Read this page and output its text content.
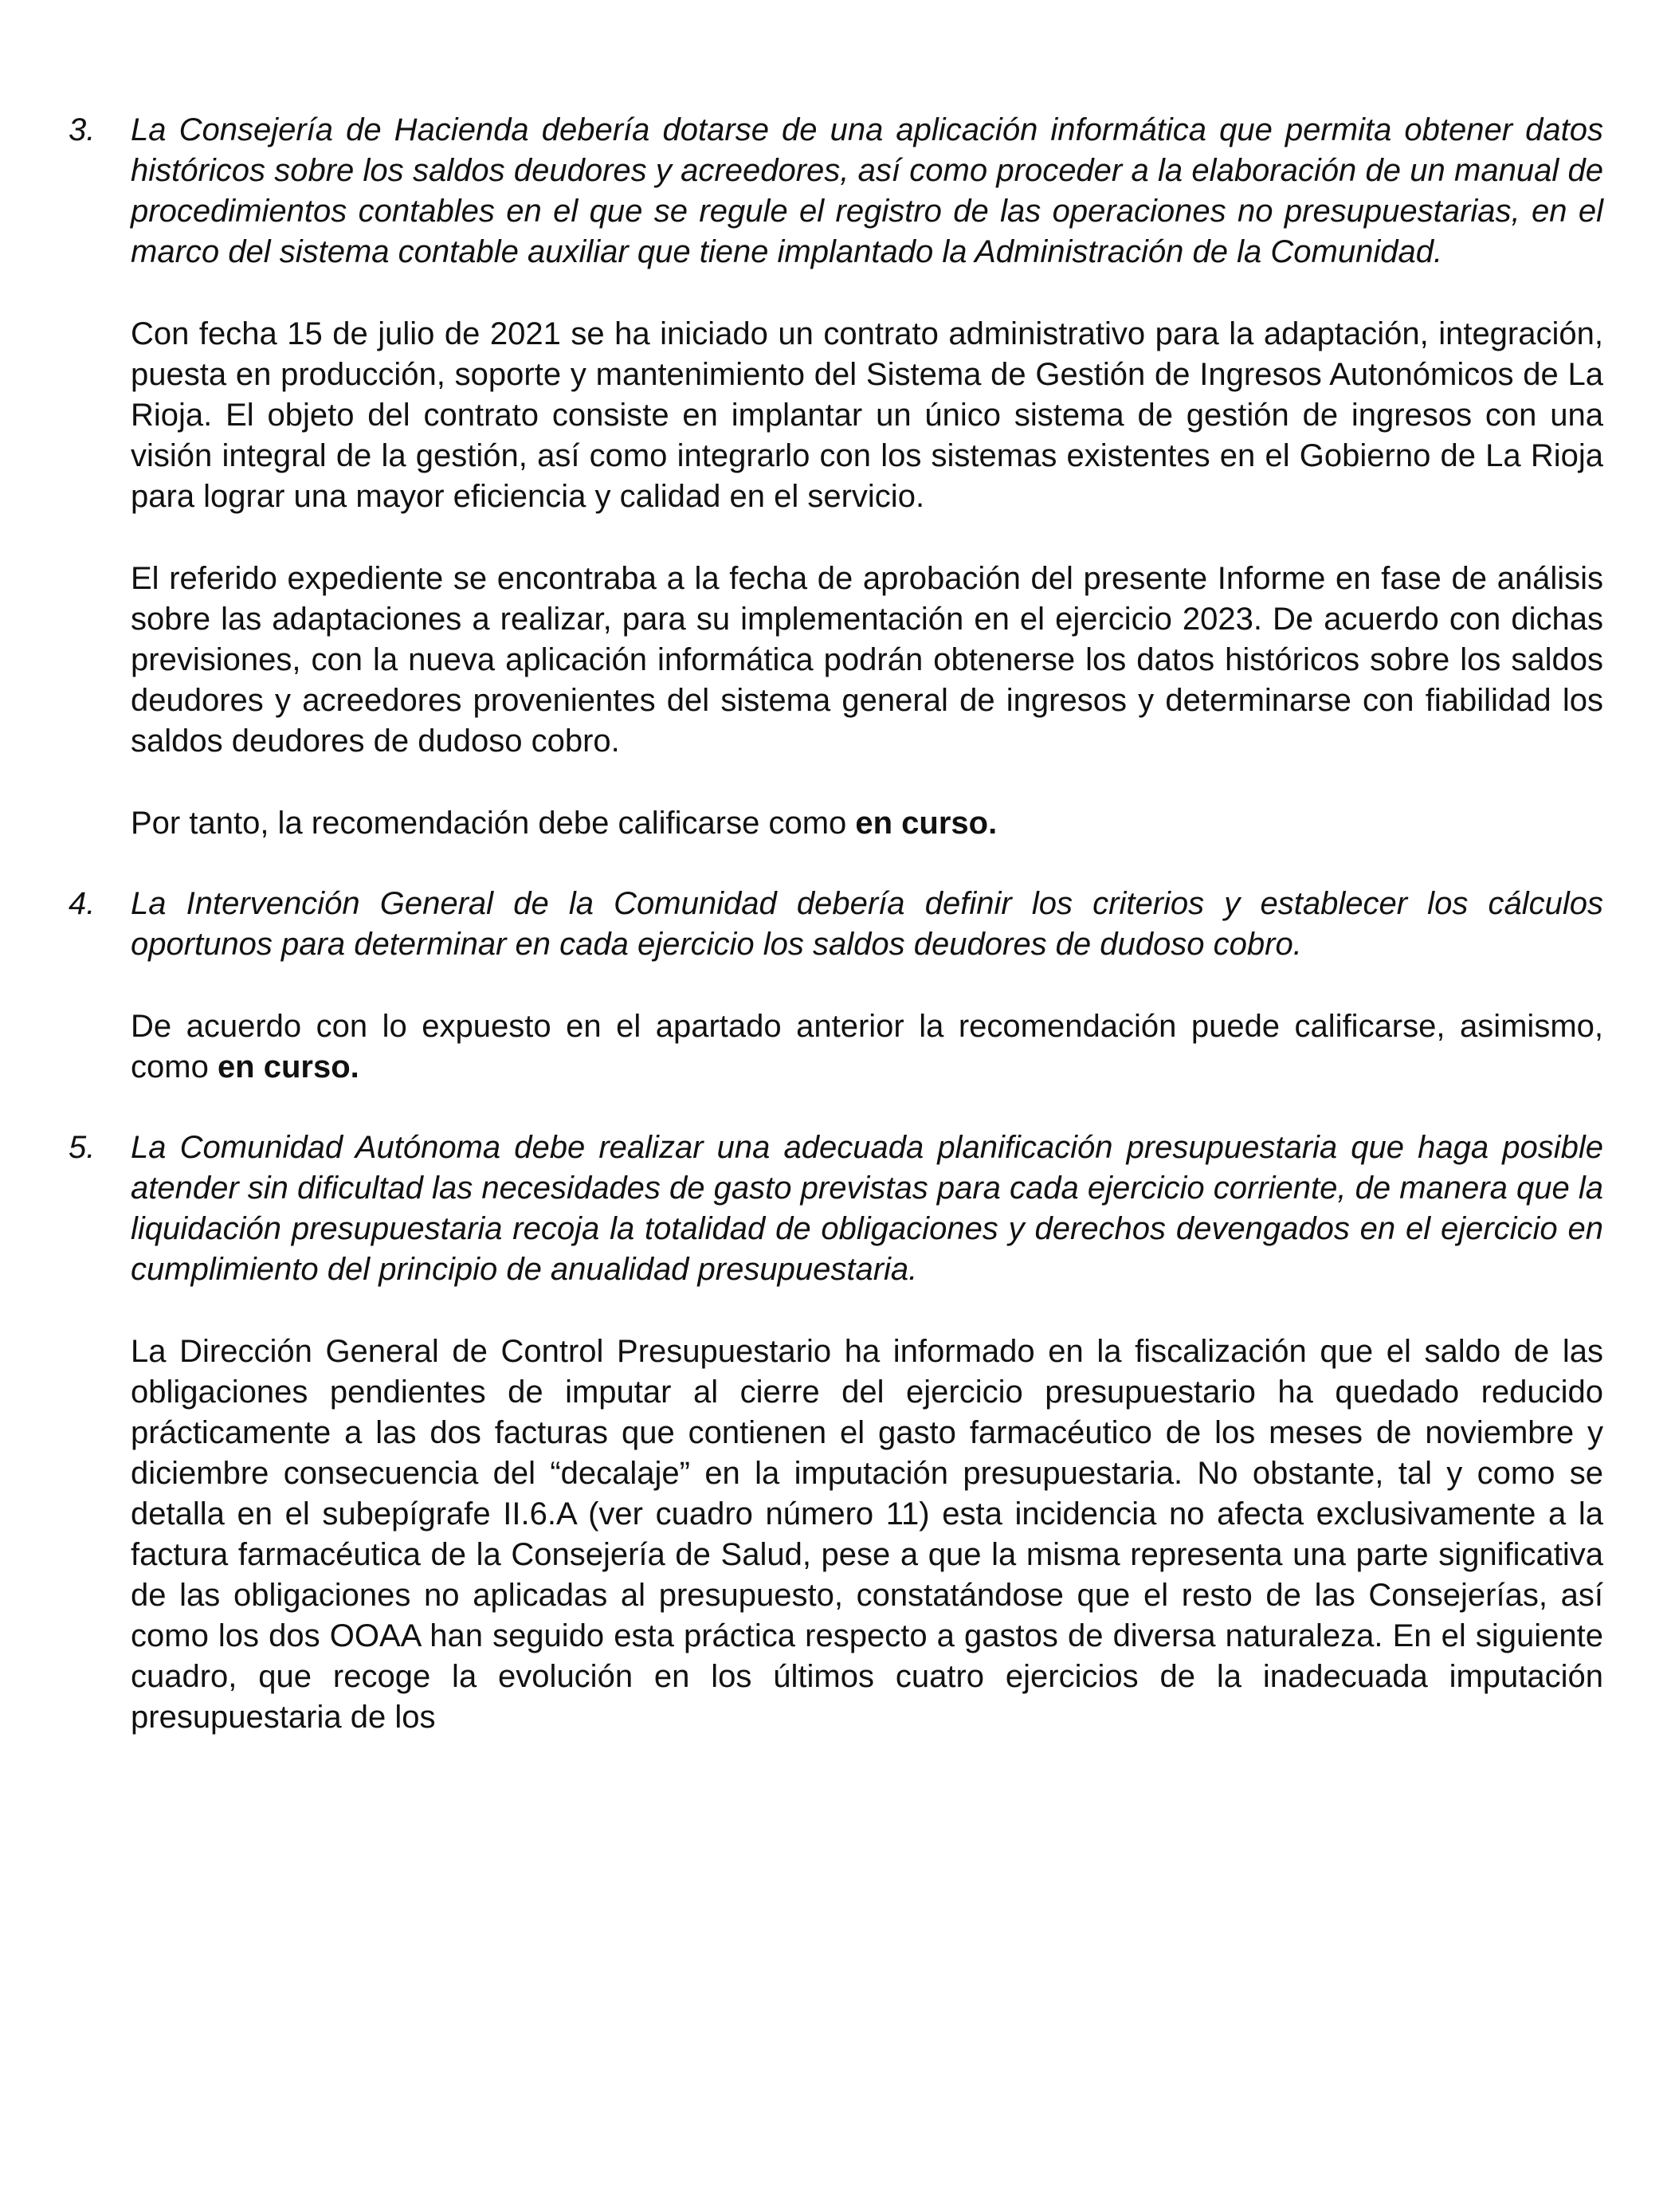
3. La Consejería de Hacienda debería dotarse de una aplicación informática que permita obtener datos históricos sobre los saldos deudores y acreedores, así como proceder a la elaboración de un manual de procedimientos contables en el que se regule el registro de las operaciones no presupuestarias, en el marco del sistema contable auxiliar que tiene implantado la Administración de la Comunidad.

Con fecha 15 de julio de 2021 se ha iniciado un contrato administrativo para la adaptación, integración, puesta en producción, soporte y mantenimiento del Sistema de Gestión de Ingresos Autonómicos de La Rioja. El objeto del contrato consiste en implantar un único sistema de gestión de ingresos con una visión integral de la gestión, así como integrarlo con los sistemas existentes en el Gobierno de La Rioja para lograr una mayor eficiencia y calidad en el servicio.

El referido expediente se encontraba a la fecha de aprobación del presente Informe en fase de análisis sobre las adaptaciones a realizar, para su implementación en el ejercicio 2023. De acuerdo con dichas previsiones, con la nueva aplicación informática podrán obtenerse los datos históricos sobre los saldos deudores y acreedores provenientes del sistema general de ingresos y determinarse con fiabilidad los saldos deudores de dudoso cobro.

Por tanto, la recomendación debe calificarse como en curso.

4. La Intervención General de la Comunidad debería definir los criterios y establecer los cálculos oportunos para determinar en cada ejercicio los saldos deudores de dudoso cobro.

De acuerdo con lo expuesto en el apartado anterior la recomendación puede calificarse, asimismo, como en curso.

5. La Comunidad Autónoma debe realizar una adecuada planificación presupuestaria que haga posible atender sin dificultad las necesidades de gasto previstas para cada ejercicio corriente, de manera que la liquidación presupuestaria recoja la totalidad de obligaciones y derechos devengados en el ejercicio en cumplimiento del principio de anualidad presupuestaria.

La Dirección General de Control Presupuestario ha informado en la fiscalización que el saldo de las obligaciones pendientes de imputar al cierre del ejercicio presupuestario ha quedado reducido prácticamente a las dos facturas que contienen el gasto farmacéutico de los meses de noviembre y diciembre consecuencia del “decalaje” en la imputación presupuestaria. No obstante, tal y como se detalla en el subepígrafe II.6.A (ver cuadro número 11) esta incidencia no afecta exclusivamente a la factura farmacéutica de la Consejería de Salud, pese a que la misma representa una parte significativa de las obligaciones no aplicadas al presupuesto, constatándose que el resto de las Consejerías, así como los dos OOAA han seguido esta práctica respecto a gastos de diversa naturaleza. En el siguiente cuadro, que recoge la evolución en los últimos cuatro ejercicios de la inadecuada imputación presupuestaria de los
